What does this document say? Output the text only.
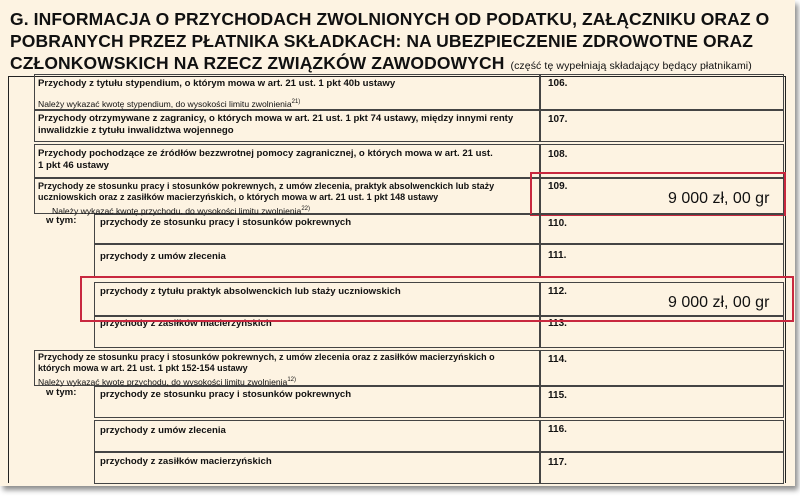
G. INFORMACJA O PRZYCHODACH ZWOLNIONYCH OD PODATKU, ZAŁĄCZNIKU ORAZ O POBRANYCH PRZEZ PŁATNIKA SKŁADKACH: NA UBEZPIECZENIE ZDROWOTNE ORAZ CZŁONKOWSKICH NA RZECZ ZWIĄZKÓW ZAWODOWYCH (część tę wypełniają składający będący płatnikami)
Przychody z tytułu stypendium, o którym mowa w art. 21 ust. 1 pkt 40b ustawy
Należy wykazać kwotę stypendium, do wysokości limitu zwolnienia$^{21)}$
106.
Przychody otrzymywane z zagranicy, o których mowa w art. 21 ust. 1 pkt 74 ustawy, między innymi renty inwalidzkie z tytułu inwalidztwa wojennego
107.
Przychody pochodzące ze źródłów bezzwrotnej pomocy zagranicznej, o których mowa w art. 21 ust. 1 pkt 46 ustawy
108.
Przychody ze stosunku pracy i stosunków pokrewnych, z umów zlecenia, praktyk absolwenckich lub staży uczniowskich oraz z zasiłków macierzyńskich, o których mowa w art. 21 ust. 1 pkt 148 ustawy
Należy wykazać kwotę przychodu, do wysokości limitu zwolnienia$^{22)}$
109.
9 000 zł, 00 gr
w tym: przychody ze stosunku pracy i stosunków pokrewnych	110.
przychody z umów zlecenia	111.
przychody z tytułu praktyk absolwenckich lub staży uczniowskich	112.
9 000 zł, 00 gr
przychody z zasiłków macierzyńskich	113.
Przychody ze stosunku pracy i stosunków pokrewnych, z umów zlecenia oraz z zasiłków macierzyńskich o których mowa w art. 21 ust. 1 pkt 152-154 ustawy
Należy wykazać kwotę przychodu, do wysokości limitu zwolnienia$^{12)}$
114.
w tym: przychody ze stosunku pracy i stosunków pokrewnych	115.
przychody z umów zlecenia	116.
przychody z zasiłków macierzyńskich	117.
